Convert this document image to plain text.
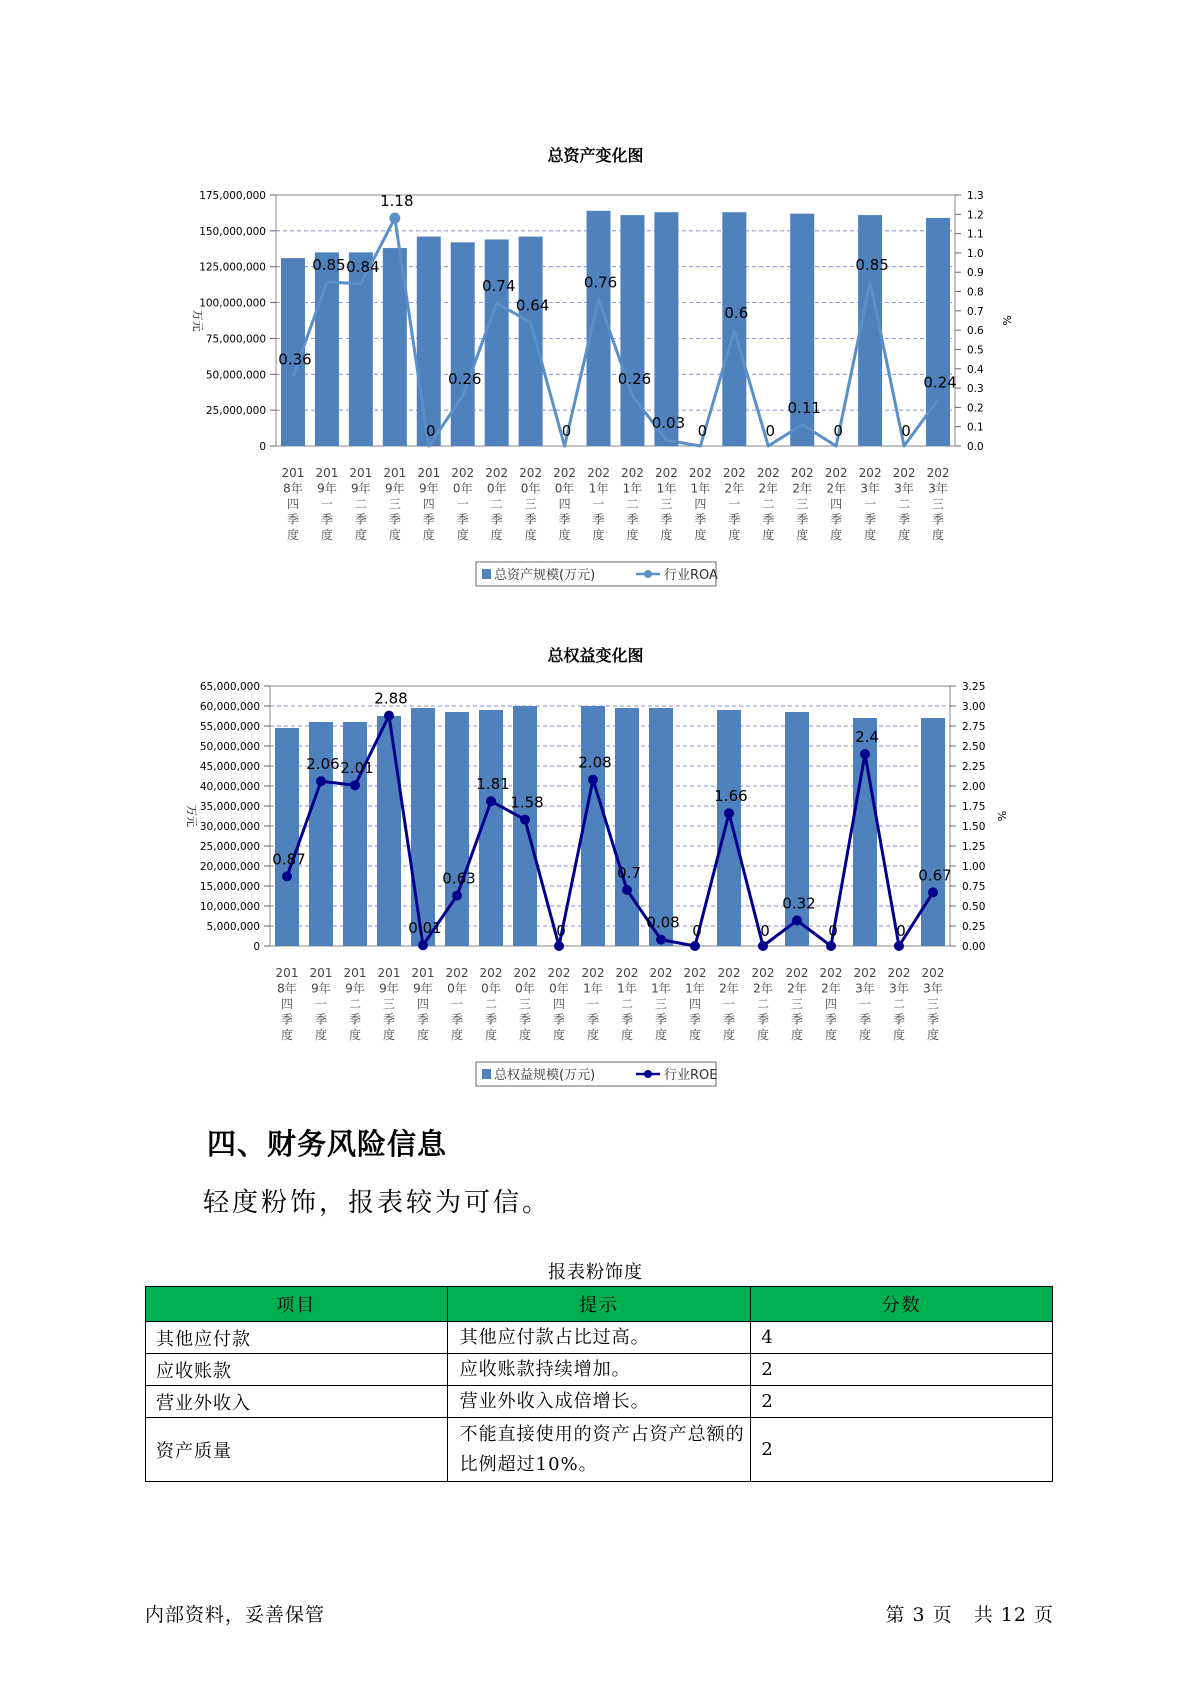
总资产变化图
175,000,000
150,000,000
125,000,000
100,000,000
75,000,000
50,000,000
25,000,000
0
1.3
1.2
1.1
1.0
0.9
0.8
0.7
0.6
0.5
0.4
0.3
0.2
0.1
0.0
万元	%
0.36
0.85 0.84
1.18
0
0.26
0.74
0.64
0
0.76
0.26
0.03 0
0.6
0
0.11
0
0.85
0
0.24
201
8年
四
季
度
201
9年
一
季
度
201
9年
二
季
度
201
9年
三
季
度
201
9年
四
季
度
202
0年
一
季
度
202
0年
二
季
度
202
0年
三
季
度
202
0年
四
季
度
202
1年
一
季
度
202
1年
二
季
度
202
1年
三
季
度
202
1年
四
季
度
202
2年
一
季
度
202
2年
二
季
度
202
2年
三
季
度
202
2年
四
季
度
202
3年
一
季
度
202
3年
二
季
度
202
3年
三
季
度
总资产规模(万元)	行业ROA
总权益变化图
65,000,000
60,000,000
55,000,000
50,000,000
45,000,000
40,000,000
35,000,000
30,000,000
25,000,000
20,000,000
15,000,000
10,000,000
5,000,000
0
3.25
3.00
2.75
2.50
2.25
2.00
1.75
1.50
1.25
1.00
0.75
0.50
0.25
0.00
万元	%
0.87
2.06 2.01
2.88
0.01
0.63
1.81
1.58
0
2.08
0.7
0.08 0
1.66
0
0.32
0
2.4
0
0.67
201
8年
四
季
度
201
9年
一
季
度
201
9年
二
季
度
201
9年
三
季
度
201
9年
四
季
度
202
0年
一
季
度
202
0年
二
季
度
202
0年
三
季
度
202
0年
四
季
度
202
1年
一
季
度
202
1年
二
季
度
202
1年
三
季
度
202
1年
四
季
度
202
2年
一
季
度
202
2年
二
季
度
202
2年
三
季
度
202
2年
四
季
度
202
3年
一
季
度
202
3年
二
季
度
202
3年
三
季
度
总权益规模(万元)	行业ROE
四、财务风险信息
轻度粉饰，报表较为可信。
报表粉饰度
项目	提示	分数
其他应付款	其他应付款占比过高。	4
应收账款	应收账款持续增加。	2
营业外收入	营业外收入成倍增长。	2
资产质量	不能直接使用的资产占资产总额的比例超过10%。	2
内部资料，妥善保管	第 3 页   共 12 页
